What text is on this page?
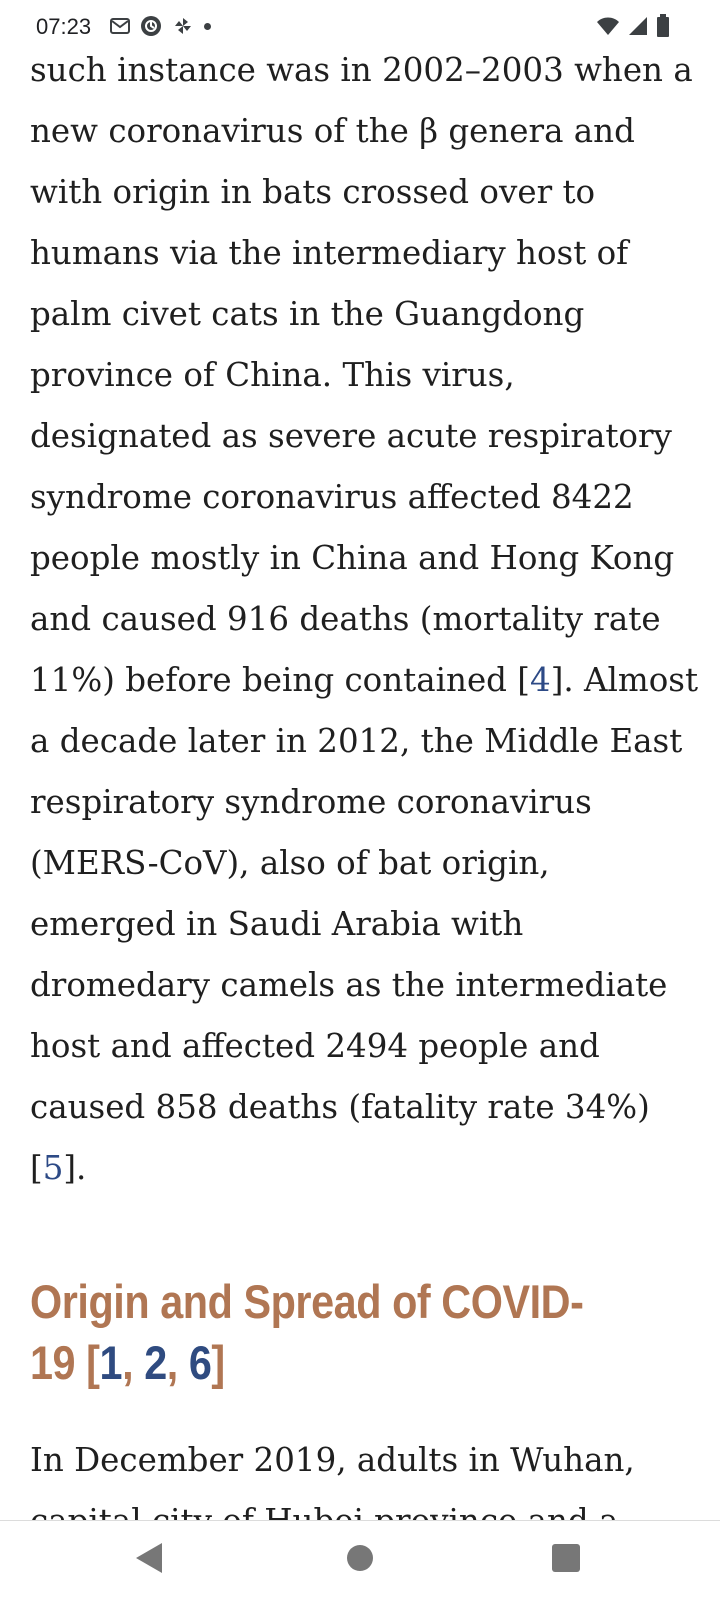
07:23

such instance was in 2002–2003 when a new coronavirus of the β genera and with origin in bats crossed over to humans via the intermediary host of palm civet cats in the Guangdong province of China. This virus, designated as severe acute respiratory syndrome coronavirus affected 8422 people mostly in China and Hong Kong and caused 916 deaths (mortality rate 11%) before being contained [4]. Almost a decade later in 2012, the Middle East respiratory syndrome coronavirus (MERS-CoV), also of bat origin, emerged in Saudi Arabia with dromedary camels as the intermediate host and affected 2494 people and caused 858 deaths (fatality rate 34%) [5].

Origin and Spread of COVID-19 [1, 2, 6]

In December 2019, adults in Wuhan,
